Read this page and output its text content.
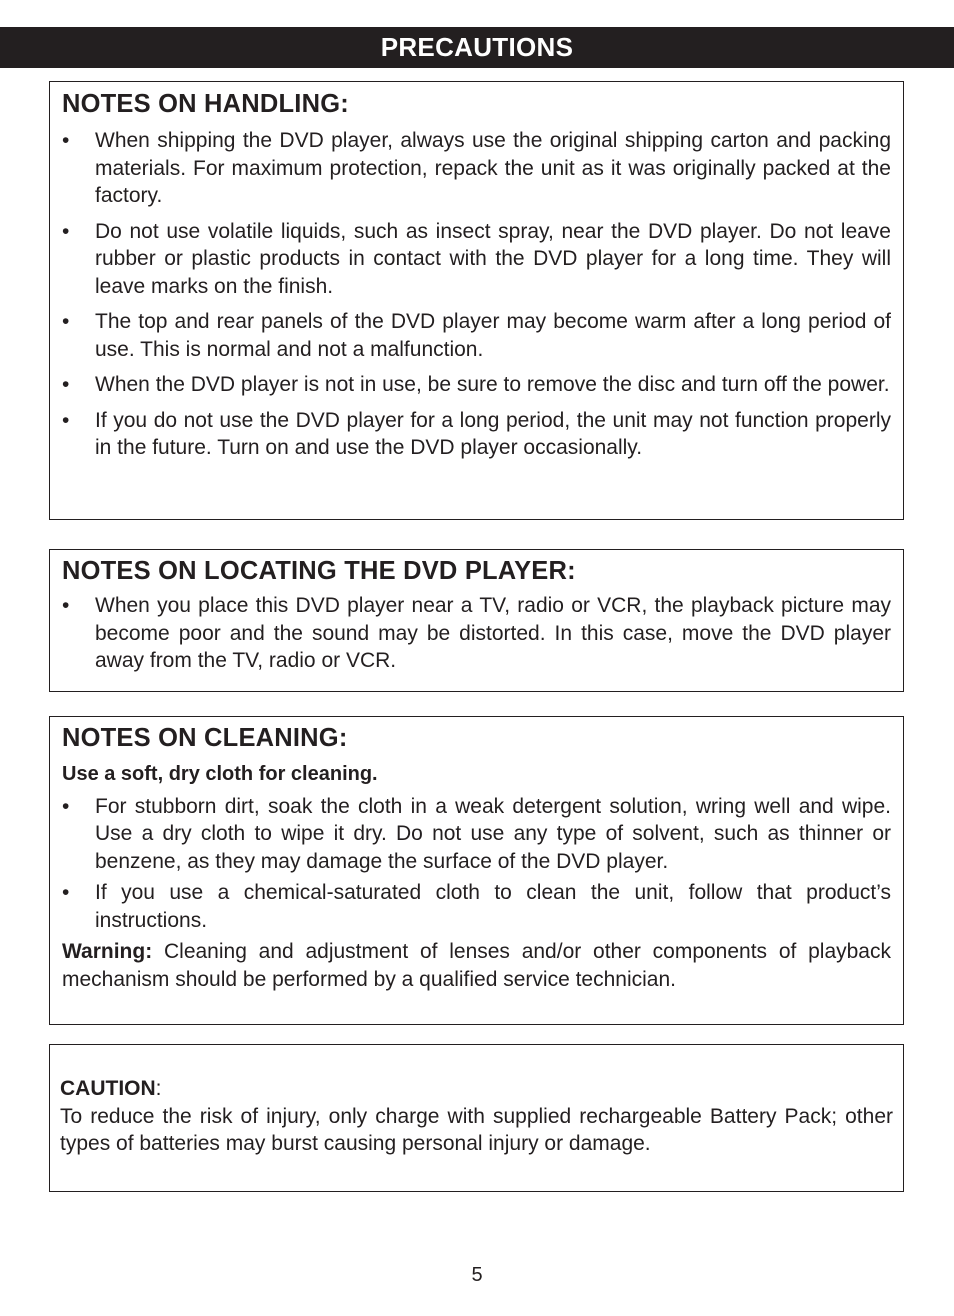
PRECAUTIONS
NOTES ON HANDLING:
• When shipping the DVD player, always use the original shipping carton and packing materials. For maximum protection, repack the unit as it was originally packed at the factory.
• Do not use volatile liquids, such as insect spray, near the DVD player. Do not leave rubber or plastic products in contact with the DVD player for a long time. They will leave marks on the finish.
• The top and rear panels of the DVD player may become warm after a long period of use. This is normal and not a malfunction.
• When the DVD player is not in use, be sure to remove the disc and turn off the power.
• If you do not use the DVD player for a long period, the unit may not function properly in the future. Turn on and use the DVD player occasionally.
NOTES ON LOCATING THE DVD PLAYER:
• When you place this DVD player near a TV, radio or VCR, the playback picture may become poor and the sound may be distorted. In this case, move the DVD player away from the TV, radio or VCR.
NOTES ON CLEANING:

Use a soft, dry cloth for cleaning.

• For stubborn dirt, soak the cloth in a weak detergent solution, wring well and wipe. Use a dry cloth to wipe it dry. Do not use any type of solvent, such as thinner or benzene, as they may damage the surface of the DVD player.
• If you use a chemical-saturated cloth to clean the unit, follow that product’s instructions.

Warning: Cleaning and adjustment of lenses and/or other components of playback mechanism should be performed by a qualified service technician.

CAUTION:

To reduce the risk of injury, only charge with supplied rechargeable Battery Pack; other types of batteries may burst causing personal injury or damage.

5
